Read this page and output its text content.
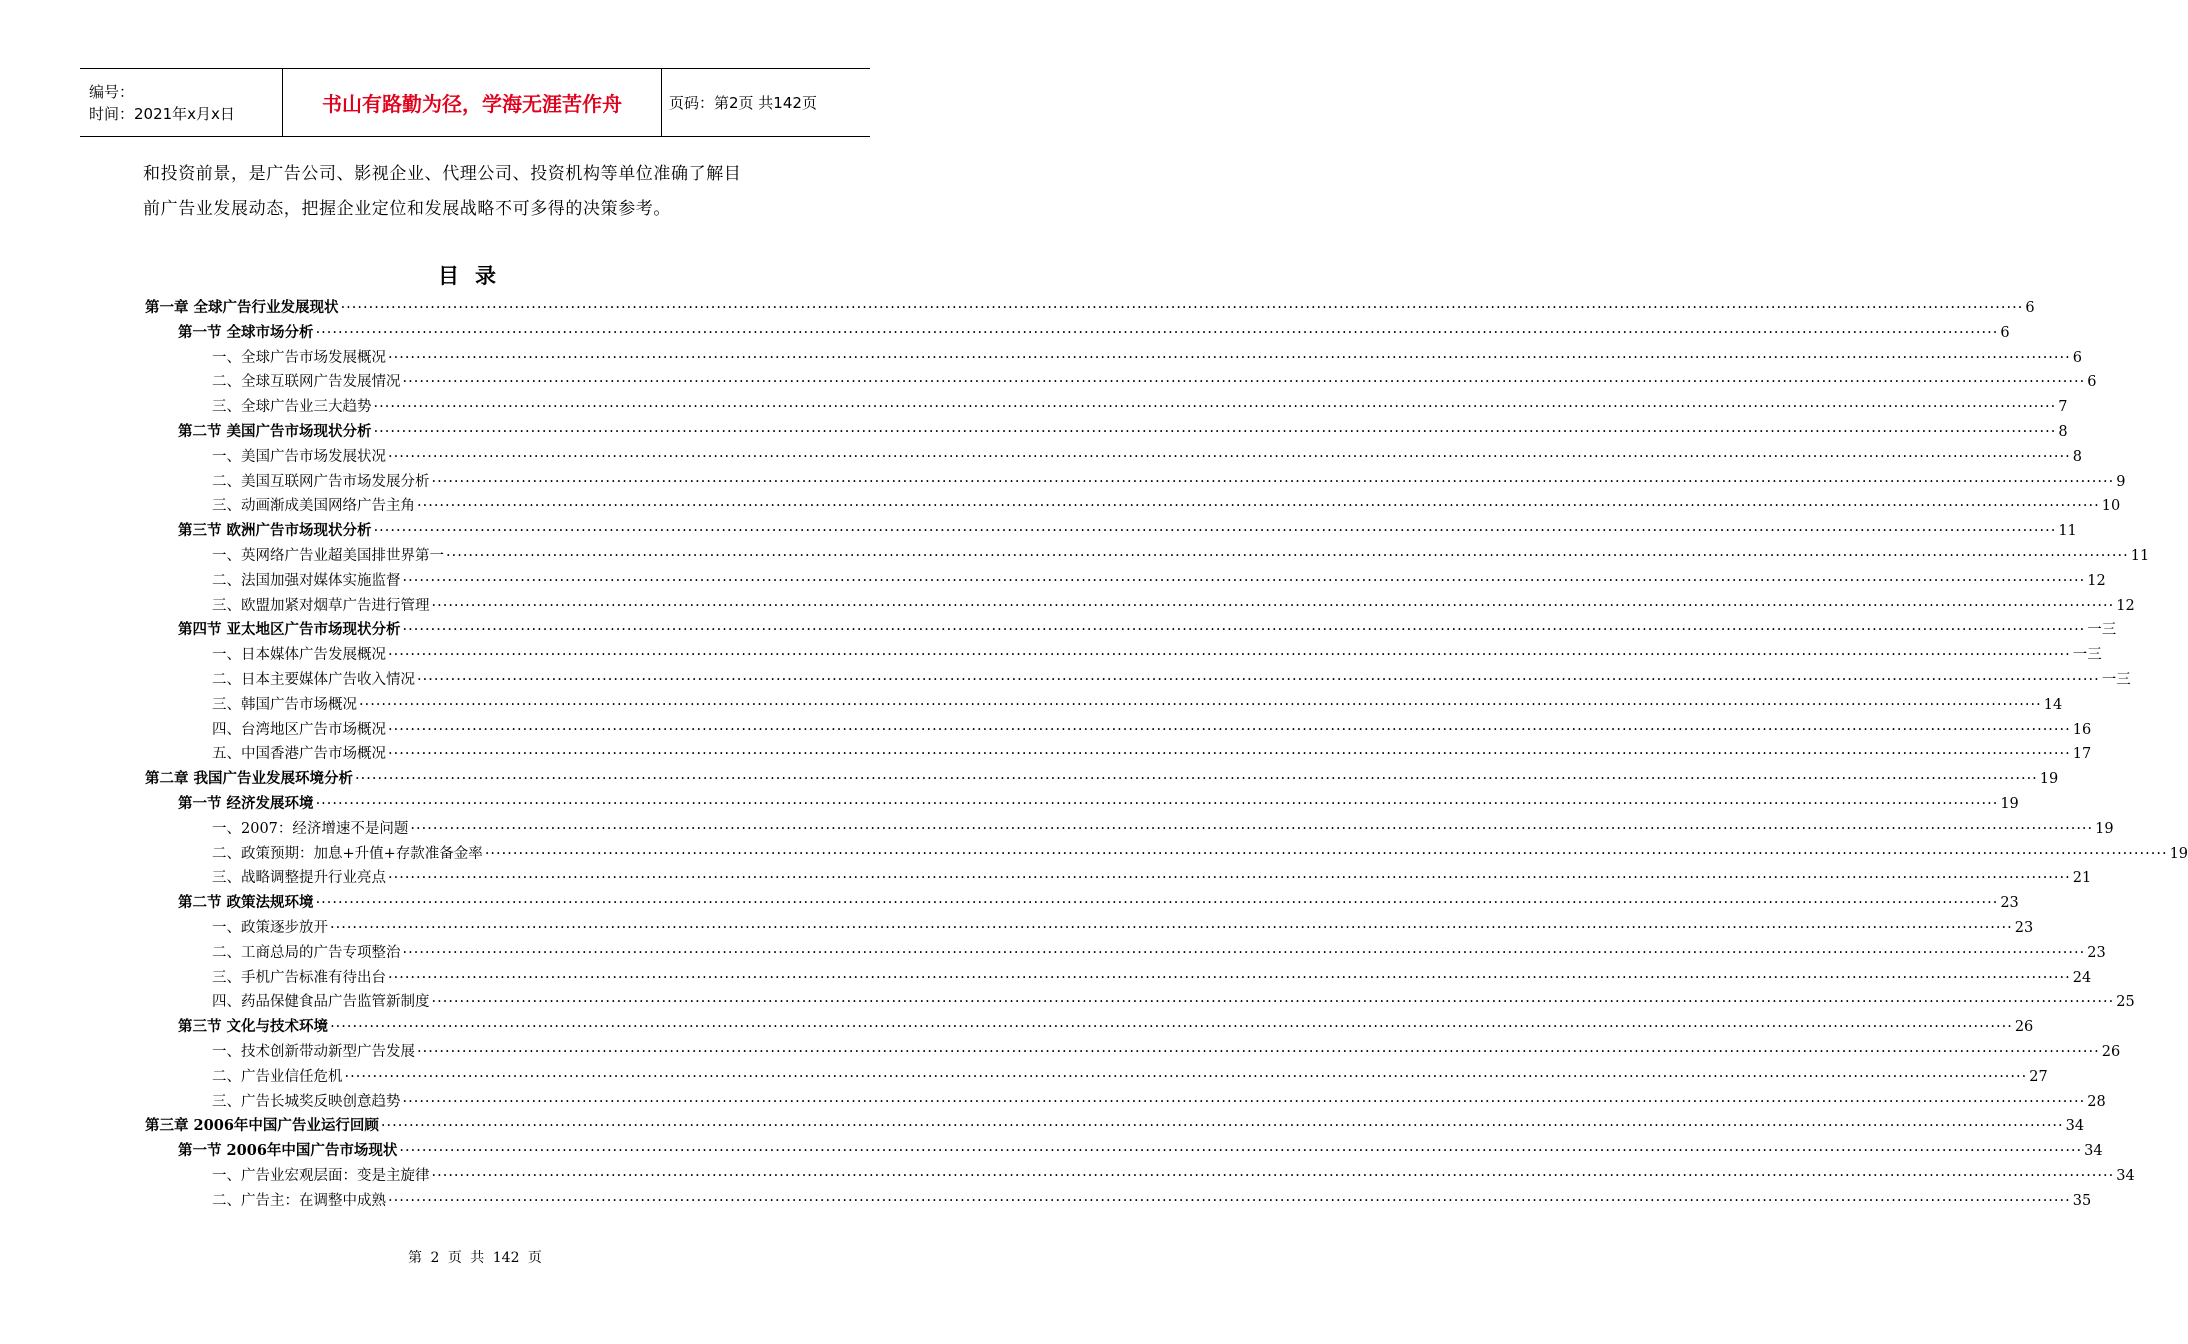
编号：
时间：2021年x月x日	书山有路勤为径，学海无涯苦作舟	页码：第2页 共142页

和投资前景，是广告公司、影视企业、代理公司、投资机构等单位准确了解目

前广告业发展动态，把握企业定位和发展战略不可多得的决策参考。

目录
第一章 全球广告行业发展现状 ············································································································································································································································································································ 6
第一节 全球市场分析 ············································································································································································································································································································ 6
一、全球广告市场发展概况 ············································································································································································································································································································ 6
二、全球互联网广告发展情况 ············································································································································································································································································································ 6
三、全球广告业三大趋势 ············································································································································································································································································································ 7
第二节 美国广告市场现状分析 ············································································································································································································································································································ 8
一、美国广告市场发展状况 ············································································································································································································································································································ 8
二、美国互联网广告市场发展分析 ············································································································································································································································································································ 9
三、动画渐成美国网络广告主角 ············································································································································································································································································································ 10
第三节 欧洲广告市场现状分析 ············································································································································································································································································································ 11
一、英网络广告业超美国排世界第一 ············································································································································································································································································································ 11
二、法国加强对媒体实施监督 ············································································································································································································································································································ 12
三、欧盟加紧对烟草广告进行管理 ············································································································································································································································································································ 12
第四节 亚太地区广告市场现状分析 ············································································································································································································································································································ 一三
一、日本媒体广告发展概况 ············································································································································································································································································································ 一三
二、日本主要媒体广告收入情况 ············································································································································································································································································································ 一三
三、韩国广告市场概况 ············································································································································································································································································································ 14
四、台湾地区广告市场概况 ············································································································································································································································································································ 16
五、中国香港广告市场概况 ············································································································································································································································································································ 17
第二章 我国广告业发展环境分析 ············································································································································································································································································································ 19
第一节 经济发展环境 ············································································································································································································································································································ 19
一、2007：经济增速不是问题 ············································································································································································································································································································ 19
二、政策预期：加息+升值+存款准备金率 ············································································································································································································································································································ 19
三、战略调整提升行业亮点 ············································································································································································································································································································ 21
第二节 政策法规环境 ············································································································································································································································································································ 23
一、政策逐步放开 ············································································································································································································································································································ 23
二、工商总局的广告专项整治 ············································································································································································································································································································ 23
三、手机广告标准有待出台 ············································································································································································································································································································ 24
四、药品保健食品广告监管新制度 ············································································································································································································································································································ 25
第三节 文化与技术环境 ············································································································································································································································································································ 26
一、技术创新带动新型广告发展 ············································································································································································································································································································ 26
二、广告业信任危机 ············································································································································································································································································································ 27
三、广告长城奖反映创意趋势 ············································································································································································································································································································ 28
第三章 2006年中国广告业运行回顾 ············································································································································································································································································································ 34
第一节 2006年中国广告市场现状 ············································································································································································································································································································ 34
一、广告业宏观层面：变是主旋律 ············································································································································································································································································································ 34
二、广告主：在调整中成熟 ············································································································································································································································································································ 35
第 2 页 共 142 页
